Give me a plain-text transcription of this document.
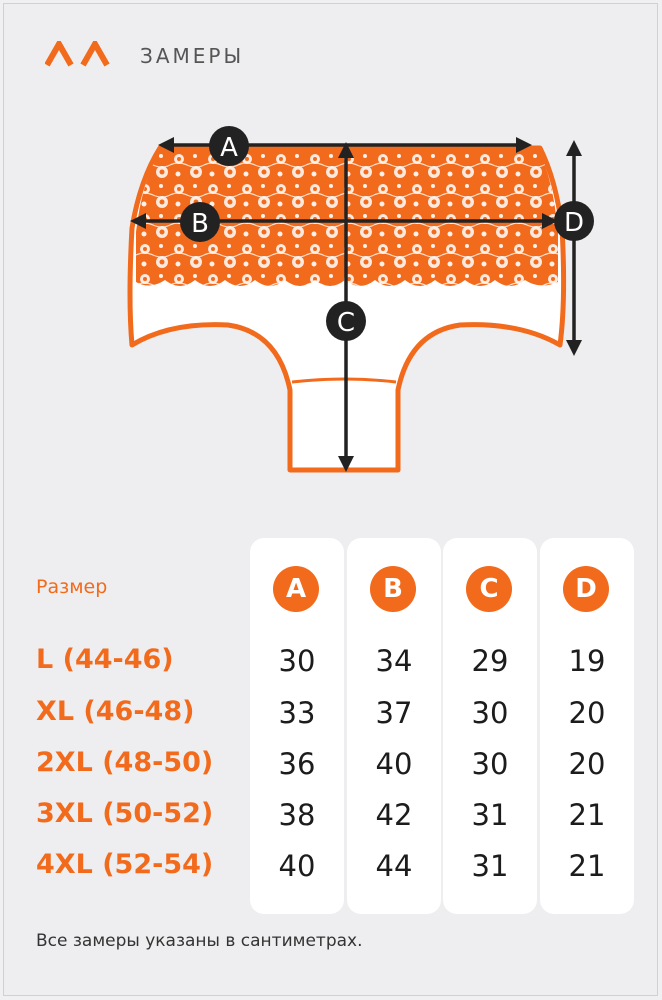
ЗАМЕРЫ
A
B
C
D
A	B	C	D
Размер
L (44-46)	30	34	29	19
XL (46-48)	33	37	30	20
2XL (48-50)	36	40	30	20
3XL (50-52)	38	42	31	21
4XL (52-54)	40	44	31	21
Все замеры указаны в сантиметрах.
